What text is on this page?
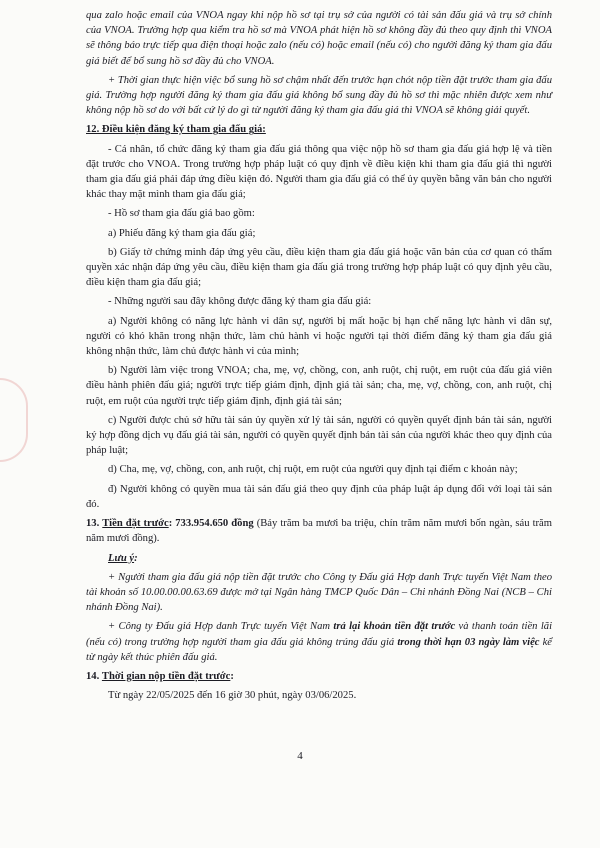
qua zalo hoặc email của VNOA ngay khi nộp hồ sơ tại trụ sở của người có tài sản đấu giá và trụ sở chính của VNOA. Trường hợp qua kiểm tra hồ sơ mà VNOA phát hiện hồ sơ không đầy đủ theo quy định thì VNOA sẽ thông báo trực tiếp qua điện thoại hoặc zalo (nếu có) hoặc email (nếu có) cho người đăng ký tham gia đấu giá biết để bổ sung hồ sơ đầy đủ cho VNOA.

+ Thời gian thực hiện việc bổ sung hồ sơ chậm nhất đến trước hạn chót nộp tiền đặt trước tham gia đấu giá. Trường hợp người đăng ký tham gia đấu giá không bổ sung đầy đủ hồ sơ thì mặc nhiên được xem như không nộp hồ sơ do với bất cứ lý do gì từ người đăng ký tham gia đấu giá thì VNOA sẽ không giải quyết.

12. Điều kiện đăng ký tham gia đấu giá:

- Cá nhân, tổ chức đăng ký tham gia đấu giá thông qua việc nộp hồ sơ tham gia đấu giá hợp lệ và tiền đặt trước cho VNOA. Trong trường hợp pháp luật có quy định về điều kiện khi tham gia đấu giá thì người tham gia đấu giá phải đáp ứng điều kiện đó. Người tham gia đấu giá có thể ủy quyền bằng văn bản cho người khác thay mặt mình tham gia đấu giá;

- Hồ sơ tham gia đấu giá bao gồm:

a) Phiếu đăng ký tham gia đấu giá;

b) Giấy tờ chứng minh đáp ứng yêu cầu, điều kiện tham gia đấu giá hoặc văn bản của cơ quan có thẩm quyền xác nhận đáp ứng yêu cầu, điều kiện tham gia đấu giá trong trường hợp pháp luật có quy định yêu cầu, điều kiện tham gia đấu giá;

- Những người sau đây không được đăng ký tham gia đấu giá:

a) Người không có năng lực hành vi dân sự, người bị mất hoặc bị hạn chế năng lực hành vi dân sự, người có khó khăn trong nhận thức, làm chủ hành vi hoặc người tại thời điểm đăng ký tham gia đấu giá không nhận thức, làm chủ được hành vi của mình;

b) Người làm việc trong VNOA; cha, mẹ, vợ, chồng, con, anh ruột, chị ruột, em ruột của đấu giá viên điều hành phiên đấu giá; người trực tiếp giám định, định giá tài sản; cha, mẹ, vợ, chồng, con, anh ruột, chị ruột, em ruột của người trực tiếp giám định, định giá tài sản;

c) Người được chủ sở hữu tài sản ủy quyền xử lý tài sản, người có quyền quyết định bán tài sản, người ký hợp đồng dịch vụ đấu giá tài sản, người có quyền quyết định bán tài sản của người khác theo quy định của pháp luật;

d) Cha, mẹ, vợ, chồng, con, anh ruột, chị ruột, em ruột của người quy định tại điểm c khoản này;

đ) Người không có quyền mua tài sản đấu giá theo quy định của pháp luật áp dụng đối với loại tài sản đó.

13. Tiền đặt trước: 733.954.650 đồng (Bảy trăm ba mươi ba triệu, chín trăm năm mươi bốn ngàn, sáu trăm năm mươi đồng).

Lưu ý:

+ Người tham gia đấu giá nộp tiền đặt trước cho Công ty Đấu giá Hợp danh Trực tuyến Việt Nam theo tài khoản số 10.00.00.00.63.69 được mở tại Ngân hàng TMCP Quốc Dân – Chi nhánh Đồng Nai (NCB – Chi nhánh Đồng Nai).

+ Công ty Đấu giá Hợp danh Trực tuyến Việt Nam trả lại khoản tiền đặt trước và thanh toán tiền lãi (nếu có) trong trường hợp người tham gia đấu giá không trúng đấu giá trong thời hạn 03 ngày làm việc kể từ ngày kết thúc phiên đấu giá.

14. Thời gian nộp tiền đặt trước:

Từ ngày 22/05/2025 đến 16 giờ 30 phút, ngày 03/06/2025.

4
